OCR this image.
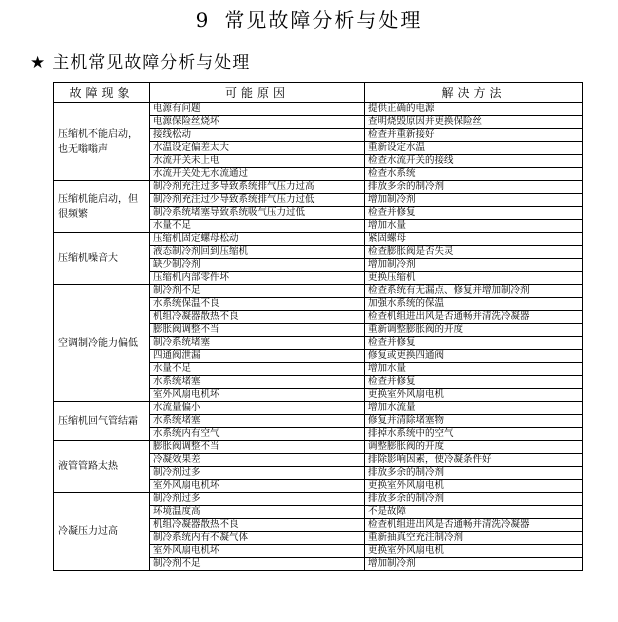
9 常见故障分析与处理
★ 主机常见故障分析与处理
故障现象	可能原因	解决方法
压缩机不能启动，也无嗡嗡声	电源有问题	提供正确的电源
	电源保险丝烧坏	查明烧毁原因并更换保险丝
	接线松动	检查并重新接好
	水温设定偏差太大	重新设定水温
	水流开关未上电	检查水流开关的接线
	水流开关处无水流通过	检查水系统
压缩机能启动，但很频繁	制冷剂充注过多导致系统排气压力过高	排放多余的制冷剂
	制冷剂充注过少导致系统排气压力过低	增加制冷剂
	制冷系统堵塞导致系统吸气压力过低	检查并修复
	水量不足	增加水量
压缩机噪音大	压缩机固定螺母松动	紧固螺母
	液态制冷剂回到压缩机	检查膨胀阀是否失灵
	缺少制冷剂	增加制冷剂
	压缩机内部零件坏	更换压缩机
空调制冷能力偏低	制冷剂不足	检查系统有无漏点、修复并增加制冷剂
	水系统保温不良	加强水系统的保温
	机组冷凝器散热不良	检查机组进出风是否通畅并清洗冷凝器
	膨胀阀调整不当	重新调整膨胀阀的开度
	制冷系统堵塞	检查并修复
	四通阀泄漏	修复或更换四通阀
	水量不足	增加水量
	水系统堵塞	检查并修复
	室外风扇电机坏	更换室外风扇电机
压缩机回气管结霜	水流量偏小	增加水流量
	水系统堵塞	修复并清除堵塞物
	水系统内有空气	排掉水系统中的空气
液管管路太热	膨胀阀调整不当	调整膨胀阀的开度
	冷凝效果差	排除影响因素，使冷凝条件好
	制冷剂过多	排放多余的制冷剂
	室外风扇电机坏	更换室外风扇电机
冷凝压力过高	制冷剂过多	排放多余的制冷剂
	环境温度高	不是故障
	机组冷凝器散热不良	检查机组进出风是否通畅并清洗冷凝器
	制冷系统内有不凝气体	重新抽真空充注制冷剂
	室外风扇电机坏	更换室外风扇电机
	制冷剂不足	增加制冷剂
